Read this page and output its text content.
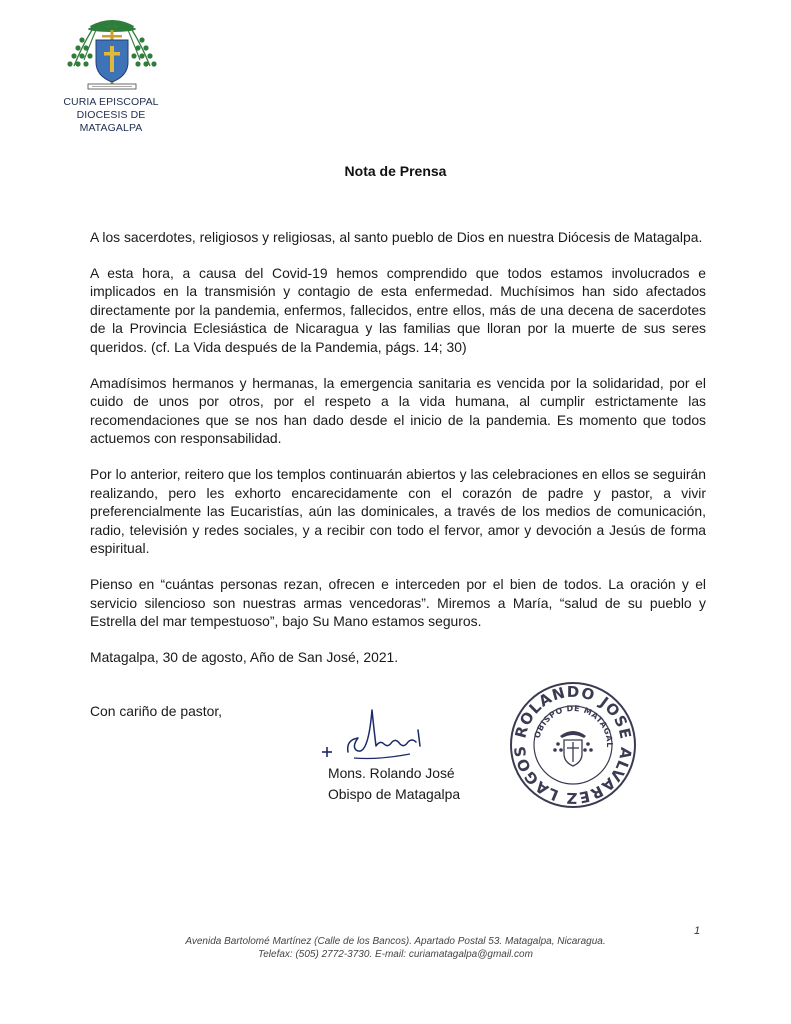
CURIA EPISCOPAL
DIOCESIS DE MATAGALPA
Nota de Prensa

A los sacerdotes, religiosos y religiosas, al santo pueblo de Dios en nuestra Diócesis de Matagalpa.

A esta hora, a causa del Covid-19 hemos comprendido que todos estamos involucrados e implicados en la transmisión y contagio de esta enfermedad. Muchísimos han sido afectados directamente por la pandemia, enfermos, fallecidos, entre ellos, más de una decena de sacerdotes de la Provincia Eclesiástica de Nicaragua y las familias que lloran por la muerte de sus seres queridos. (cf. La Vida después de la Pandemia, págs. 14; 30)

Amadísimos hermanos y hermanas, la emergencia sanitaria es vencida por la solidaridad, por el cuido de unos por otros, por el respeto a la vida humana, al cumplir estrictamente las recomendaciones que se nos han dado desde el inicio de la pandemia. Es momento que todos actuemos con responsabilidad.

Por lo anterior, reitero que los templos continuarán abiertos y las celebraciones en ellos se seguirán realizando, pero les exhorto encarecidamente con el corazón de padre y pastor, a vivir preferencialmente las Eucaristías, aún las dominicales, a través de los medios de comunicación, radio, televisión y redes sociales, y a recibir con todo el fervor, amor y devoción a Jesús de forma espiritual.

Pienso en “cuántas personas rezan, ofrecen e interceden por el bien de todos. La oración y el servicio silencioso son nuestras armas vencedoras”. Miremos a María, “salud de su pueblo y Estrella del mar tempestuoso”, bajo Su Mano estamos seguros.

Matagalpa, 30 de agosto, Año de San José, 2021.

Con cariño de pastor,
Mons. Rolando José
Obispo de Matagalpa
ROLANDO JOSE ALVAREZ LAGOS
OBISPO DE MATAGAL
1
Avenida Bartolomé Martínez (Calle de los Bancos). Apartado Postal 53. Matagalpa, Nicaragua.
Telefax: (505) 2772-3730. E-mail: curiamatagalpa@gmail.com
